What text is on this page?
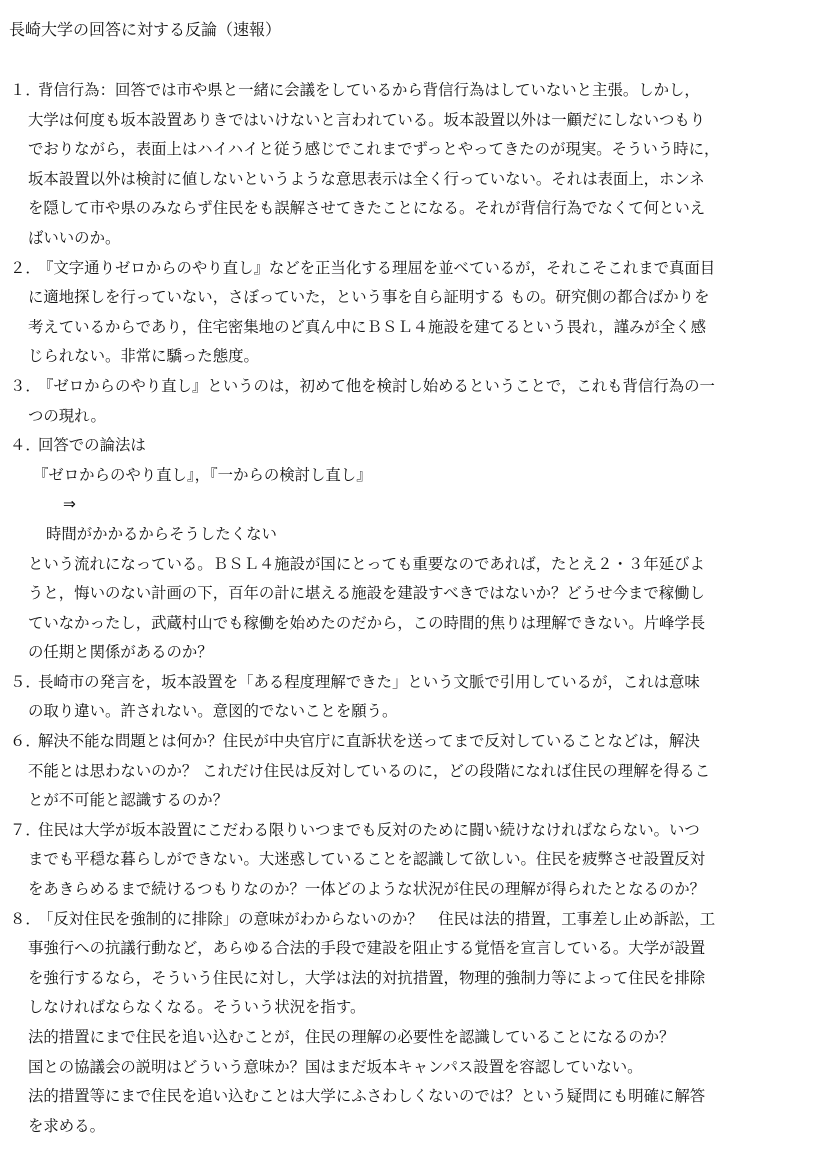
長崎大学の回答に対する反論（速報）
１．
背信行為：回答では市や県と一緒に会議をしているから背信行為はしていないと主張。しかし，
大学は何度も坂本設置ありきではいけないと言われている。坂本設置以外は一顧だにしないつもり
でおりながら，表面上はハイハイと従う感じでこれまでずっとやってきたのが現実。そういう時に，
坂本設置以外は検討に値しないというような意思表示は全く行っていない。それは表面上，ホンネ
を隠して市や県のみならず住民をも誤解させてきたことになる。それが背信行為でなくて何といえ
ばいいのか。
２．
『文字通りゼロからのやり直し』などを正当化する理屈を並べているが，それこそこれまで真面目
に適地探しを行っていない，さぼっていた，という事を自ら証明する もの。研究側の都合ばかりを
考えているからであり，住宅密集地のど真ん中にＢＳＬ４施設を建てるという畏れ，謹みが全く感
じられない。非常に驕った態度。
３．
『ゼロからのやり直し』というのは，初めて他を検討し始めるということで，これも背信行為の一
つの現れ。
４．
回答での論法は
『ゼロからのやり直し』，『一からの検討し直し』
⇒
時間がかかるからそうしたくない
という流れになっている。ＢＳＬ４施設が国にとっても重要なのであれば，たとえ２・３年延びよ
うと，悔いのない計画の下，百年の計に堪える施設を建設すべきではないか？どうせ今まで稼働し
ていなかったし，武蔵村山でも稼働を始めたのだから，この時間的焦りは理解できない。片峰学長
の任期と関係があるのか？
５．
長崎市の発言を，坂本設置を「ある程度理解できた」という文脈で引用しているが，これは意味
の取り違い。許されない。意図的でないことを願う。
６．
解決不能な問題とは何か？住民が中央官庁に直訴状を送ってまで反対していることなどは，解決
不能とは思わないのか？ これだけ住民は反対しているのに，どの段階になれば住民の理解を得るこ
とが不可能と認識するのか？
７．
住民は大学が坂本設置にこだわる限りいつまでも反対のために闘い続けなければならない。いつ
までも平穏な暮らしができない。大迷惑していることを認識して欲しい。住民を疲弊させ設置反対
をあきらめるまで続けるつもりなのか？一体どのような状況が住民の理解が得られたとなるのか？
８．
「反対住民を強制的に排除」の意味がわからないのか？　住民は法的措置，工事差し止め訴訟，工
事強行への抗議行動など，あらゆる合法的手段で建設を阻止する覚悟を宣言している。大学が設置
を強行するなら，そういう住民に対し，大学は法的対抗措置，物理的強制力等によって住民を排除
しなければならなくなる。そういう状況を指す。
法的措置にまで住民を追い込むことが，住民の理解の必要性を認識していることになるのか？
国との協議会の説明はどういう意味か？国はまだ坂本キャンパス設置を容認していない。
法的措置等にまで住民を追い込むことは大学にふさわしくないのでは？という疑問にも明確に解答
を求める。
